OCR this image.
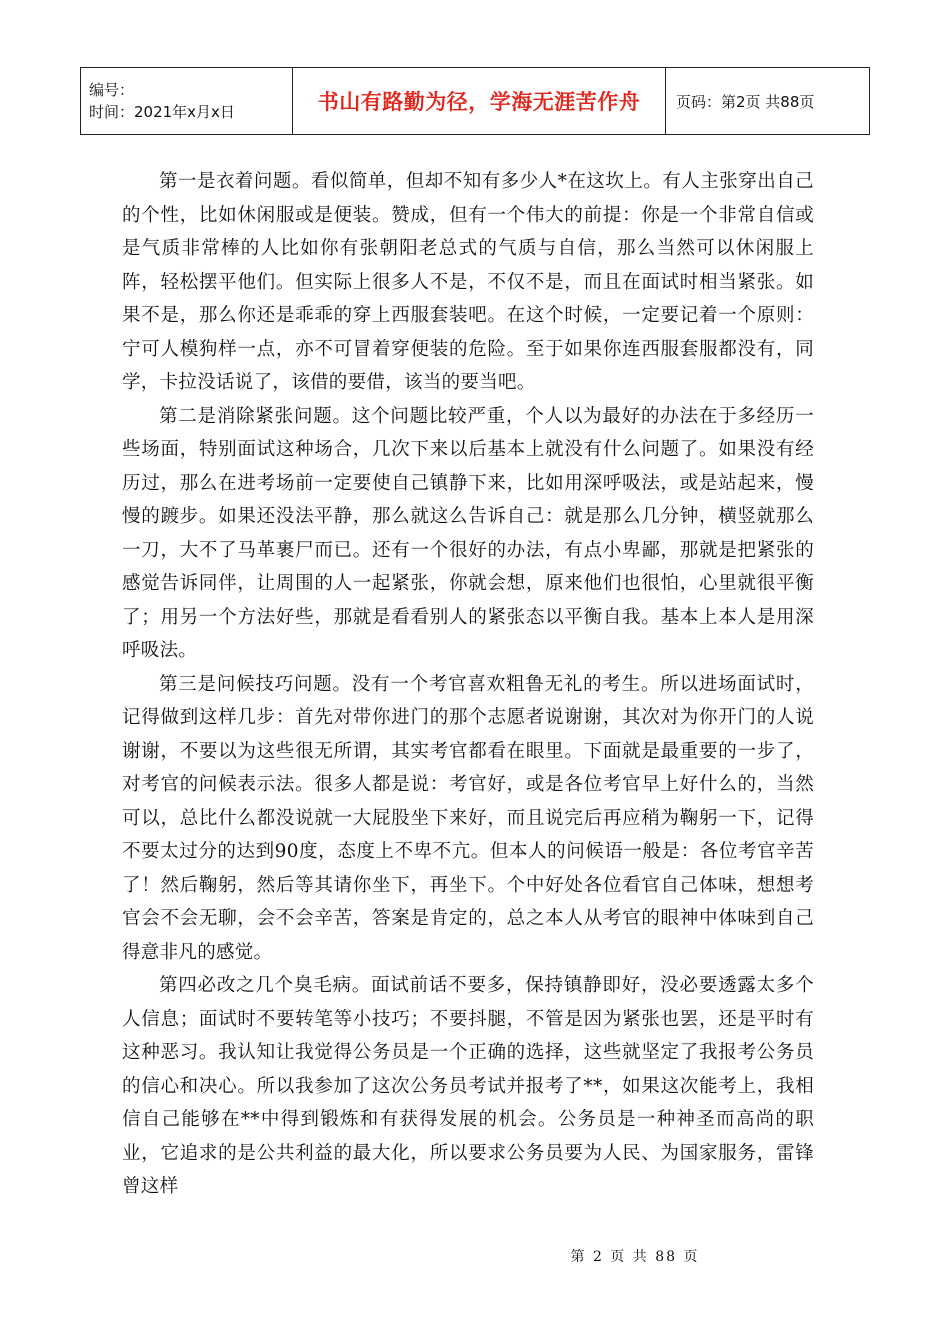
编号：
时间：2021年x月x日	书山有路勤为径，学海无涯苦作舟	页码：第2页 共88页

第一是衣着问题。看似简单，但却不知有多少人*在这坎上。有人主张穿出自己的个性，比如休闲服或是便装。赞成，但有一个伟大的前提：你是一个非常自信或是气质非常棒的人比如你有张朝阳老总式的气质与自信，那么当然可以休闲服上阵，轻松摆平他们。但实际上很多人不是，不仅不是，而且在面试时相当紧张。如果不是，那么你还是乖乖的穿上西服套装吧。在这个时候，一定要记着一个原则：宁可人模狗样一点，亦不可冒着穿便装的危险。至于如果你连西服套服都没有，同学，卡拉没话说了，该借的要借，该当的要当吧。

第二是消除紧张问题。这个问题比较严重，个人以为最好的办法在于多经历一些场面，特别面试这种场合，几次下来以后基本上就没有什么问题了。如果没有经历过，那么在进考场前一定要使自己镇静下来，比如用深呼吸法，或是站起来，慢慢的踱步。如果还没法平静，那么就这么告诉自己：就是那么几分钟，横竖就那么一刀，大不了马革裹尸而已。还有一个很好的办法，有点小卑鄙，那就是把紧张的感觉告诉同伴，让周围的人一起紧张，你就会想，原来他们也很怕，心里就很平衡了；用另一个方法好些，那就是看看别人的紧张态以平衡自我。基本上本人是用深呼吸法。

第三是问候技巧问题。没有一个考官喜欢粗鲁无礼的考生。所以进场面试时，记得做到这样几步：首先对带你进门的那个志愿者说谢谢，其次对为你开门的人说谢谢，不要以为这些很无所谓，其实考官都看在眼里。下面就是最重要的一步了，对考官的问候表示法。很多人都是说：考官好，或是各位考官早上好什么的，当然可以，总比什么都没说就一大屁股坐下来好，而且说完后再应稍为鞠躬一下，记得不要太过分的达到90度，态度上不卑不亢。但本人的问候语一般是：各位考官辛苦了！然后鞠躬，然后等其请你坐下，再坐下。个中好处各位看官自己体味，想想考官会不会无聊，会不会辛苦，答案是肯定的，总之本人从考官的眼神中体味到自己得意非凡的感觉。

第四必改之几个臭毛病。面试前话不要多，保持镇静即好，没必要透露太多个人信息；面试时不要转笔等小技巧；不要抖腿，不管是因为紧张也罢，还是平时有这种恶习。我认知让我觉得公务员是一个正确的选择，这些就坚定了我报考公务员的信心和决心。所以我参加了这次公务员考试并报考了**，如果这次能考上，我相信自己能够在**中得到锻炼和有获得发展的机会。公务员是一种神圣而高尚的职业，它追求的是公共利益的最大化，所以要求公务员要为人民、为国家服务，雷锋曾这样

第 2 页 共 88 页
